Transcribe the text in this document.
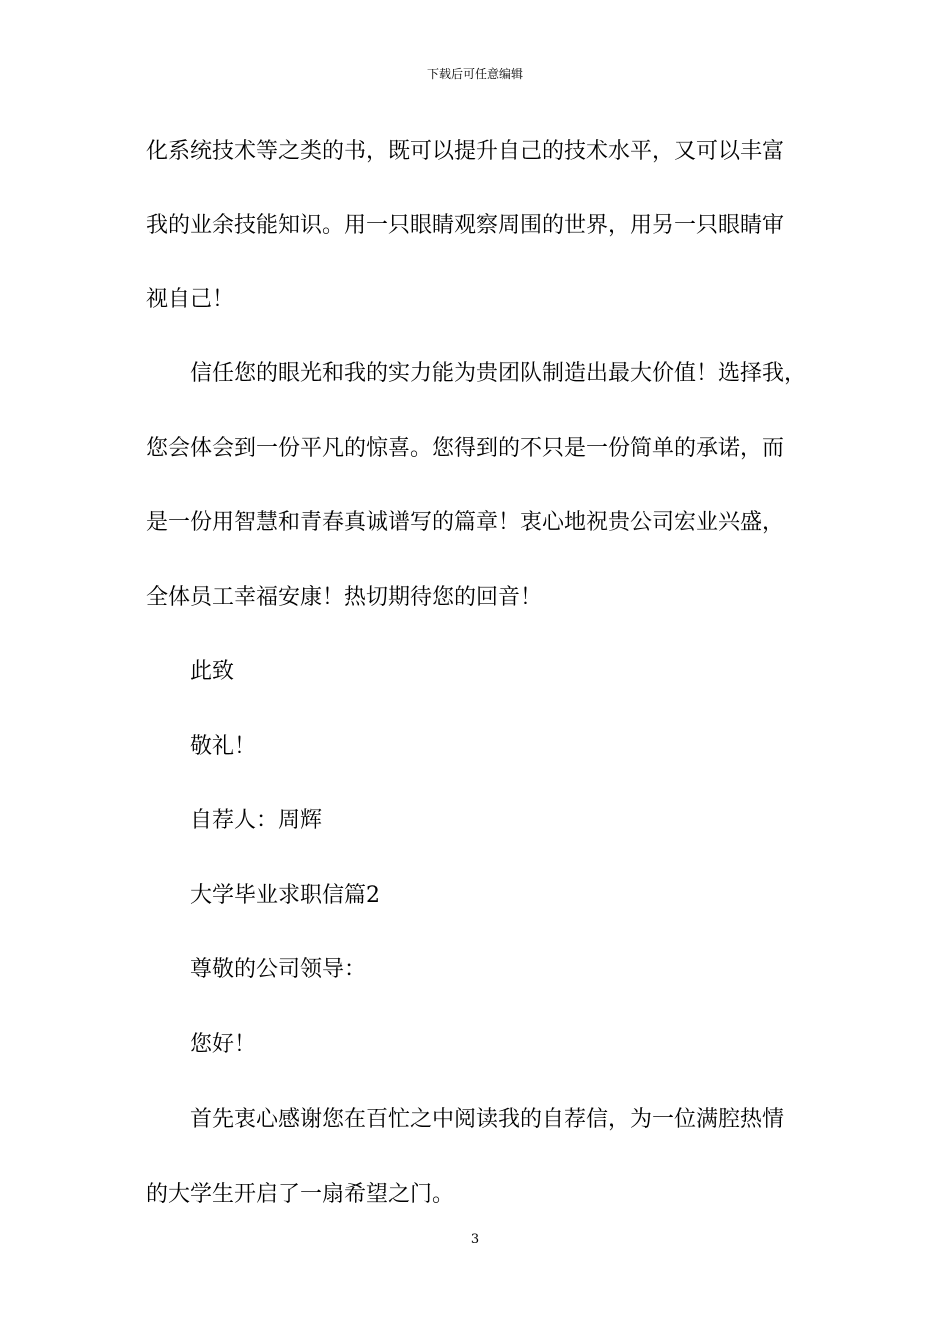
下载后可任意编辑
化系统技术等之类的书，既可以提升自己的技术水平，又可以丰富
我的业余技能知识。用一只眼睛观察周围的世界，用另一只眼睛审
视自己！
信任您的眼光和我的实力能为贵团队制造出最大价值！选择我，
您会体会到一份平凡的惊喜。您得到的不只是一份简单的承诺，而
是一份用智慧和青春真诚谱写的篇章！衷心地祝贵公司宏业兴盛，
全体员工幸福安康！热切期待您的回音！
此致
敬礼！
自荐人：周辉
大学毕业求职信篇2
尊敬的公司领导：
您好！
首先衷心感谢您在百忙之中阅读我的自荐信，为一位满腔热情
的大学生开启了一扇希望之门。
3
